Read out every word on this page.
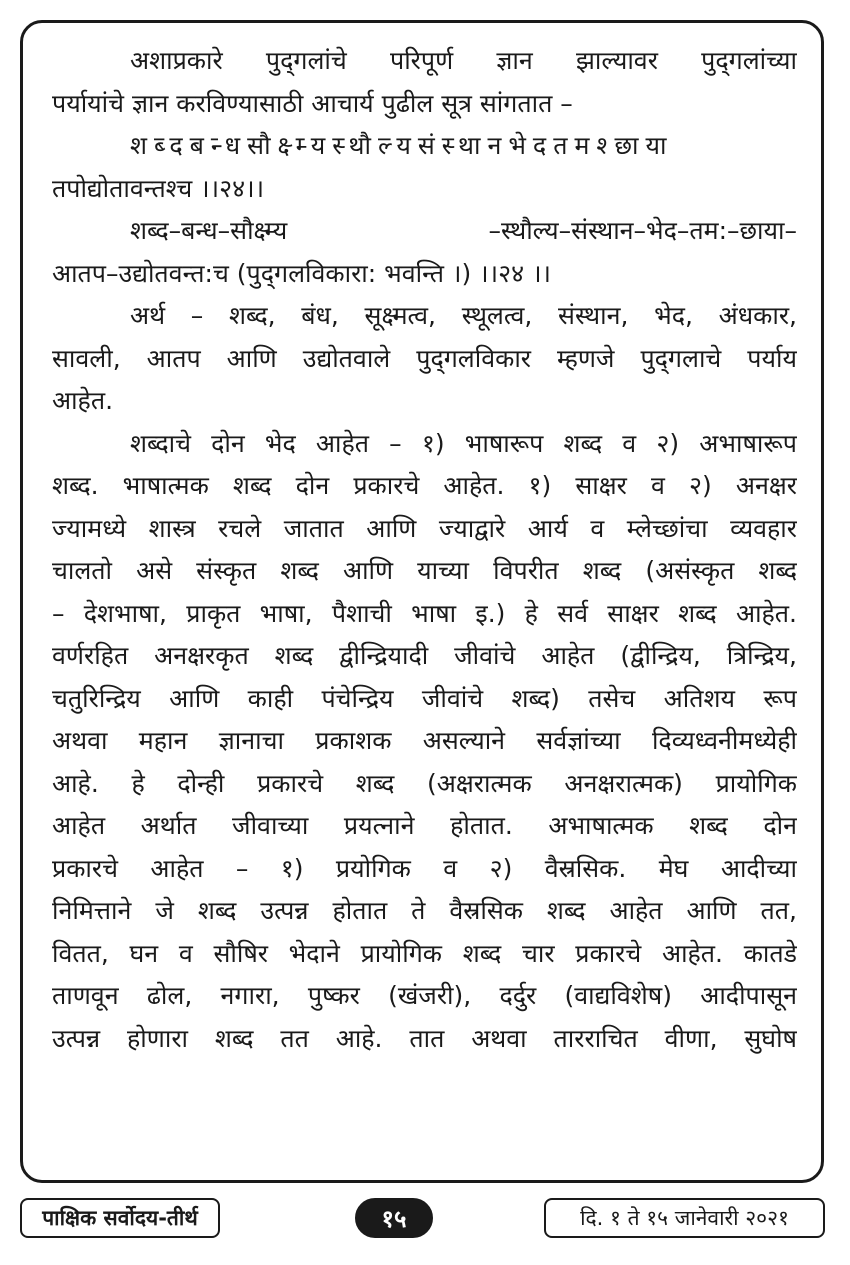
अशाप्रकारे पुद्‌गलांचे परिपूर्ण ज्ञान झाल्यावर पुद्‌गलांच्या
पर्यायांचे ज्ञान करविण्यासाठी आचार्य पुढील सूत्र सांगतात –
शब्दबन्धसौक्ष्म्यस्थौल्यसंस्थानभेदतमश्छाया
तपोद्योतावन्तश्च ।।२४।।
शब्द–बन्ध–सौक्ष्म्य –स्थौल्य–संस्थान–भेद–तम:–छाया–
आतप–उद्योतवन्त:च (पुद्‌गलविकारा: भवन्ति ।) ।।२४ ।।
अर्थ – शब्द, बंध, सूक्ष्मत्व, स्थूलत्व, संस्थान, भेद, अंधकार,
सावली, आतप आणि उद्योतवाले पुद्‌गलविकार म्हणजे पुद्‌गलाचे पर्याय
आहेत.
शब्दाचे दोन भेद आहेत – १) भाषारूप शब्द व २) अभाषारूप
शब्द. भाषात्मक शब्द दोन प्रकारचे आहेत. १) साक्षर व २) अनक्षर
ज्यामध्ये शास्त्र रचले जातात आणि ज्याद्वारे आर्य व म्लेच्छांचा व्यवहार
चालतो असे संस्कृत शब्द आणि याच्या विपरीत शब्द (असंस्कृत शब्द
– देशभाषा, प्राकृत भाषा, पैशाची भाषा इ.) हे सर्व साक्षर शब्द आहेत.
वर्णरहित अनक्षरकृत शब्द द्वीन्द्रियादी जीवांचे आहेत (द्वीन्द्रिय, त्रिन्द्रिय,
चतुरिन्द्रिय आणि काही पंचेन्द्रिय जीवांचे शब्द) तसेच अतिशय रूप
अथवा महान ज्ञानाचा प्रकाशक असल्याने सर्वज्ञांच्या दिव्यध्वनीमध्येही
आहे. हे दोन्ही प्रकारचे शब्द (अक्षरात्मक अनक्षरात्मक) प्रायोगिक
आहेत अर्थात जीवाच्या प्रयत्नाने होतात. अभाषात्मक शब्द दोन
प्रकारचे आहेत – १) प्रयोगिक व २) वैस्रसिक. मेघ आदीच्या
निमित्ताने जे शब्द उत्पन्न होतात ते वैस्रसिक शब्द आहेत आणि तत,
वितत, घन व सौषिर भेदाने प्रायोगिक शब्द चार प्रकारचे आहेत. कातडे
ताणवून ढोल, नगारा, पुष्कर (खंजरी), दर्दुर (वाद्यविशेष) आदीपासून
उत्पन्न होणारा शब्द तत आहे. तात अथवा तारराचित वीणा, सुघोष
पाक्षिक सर्वोदय-तीर्थ	१५	दि. १ ते १५ जानेवारी २०२१
